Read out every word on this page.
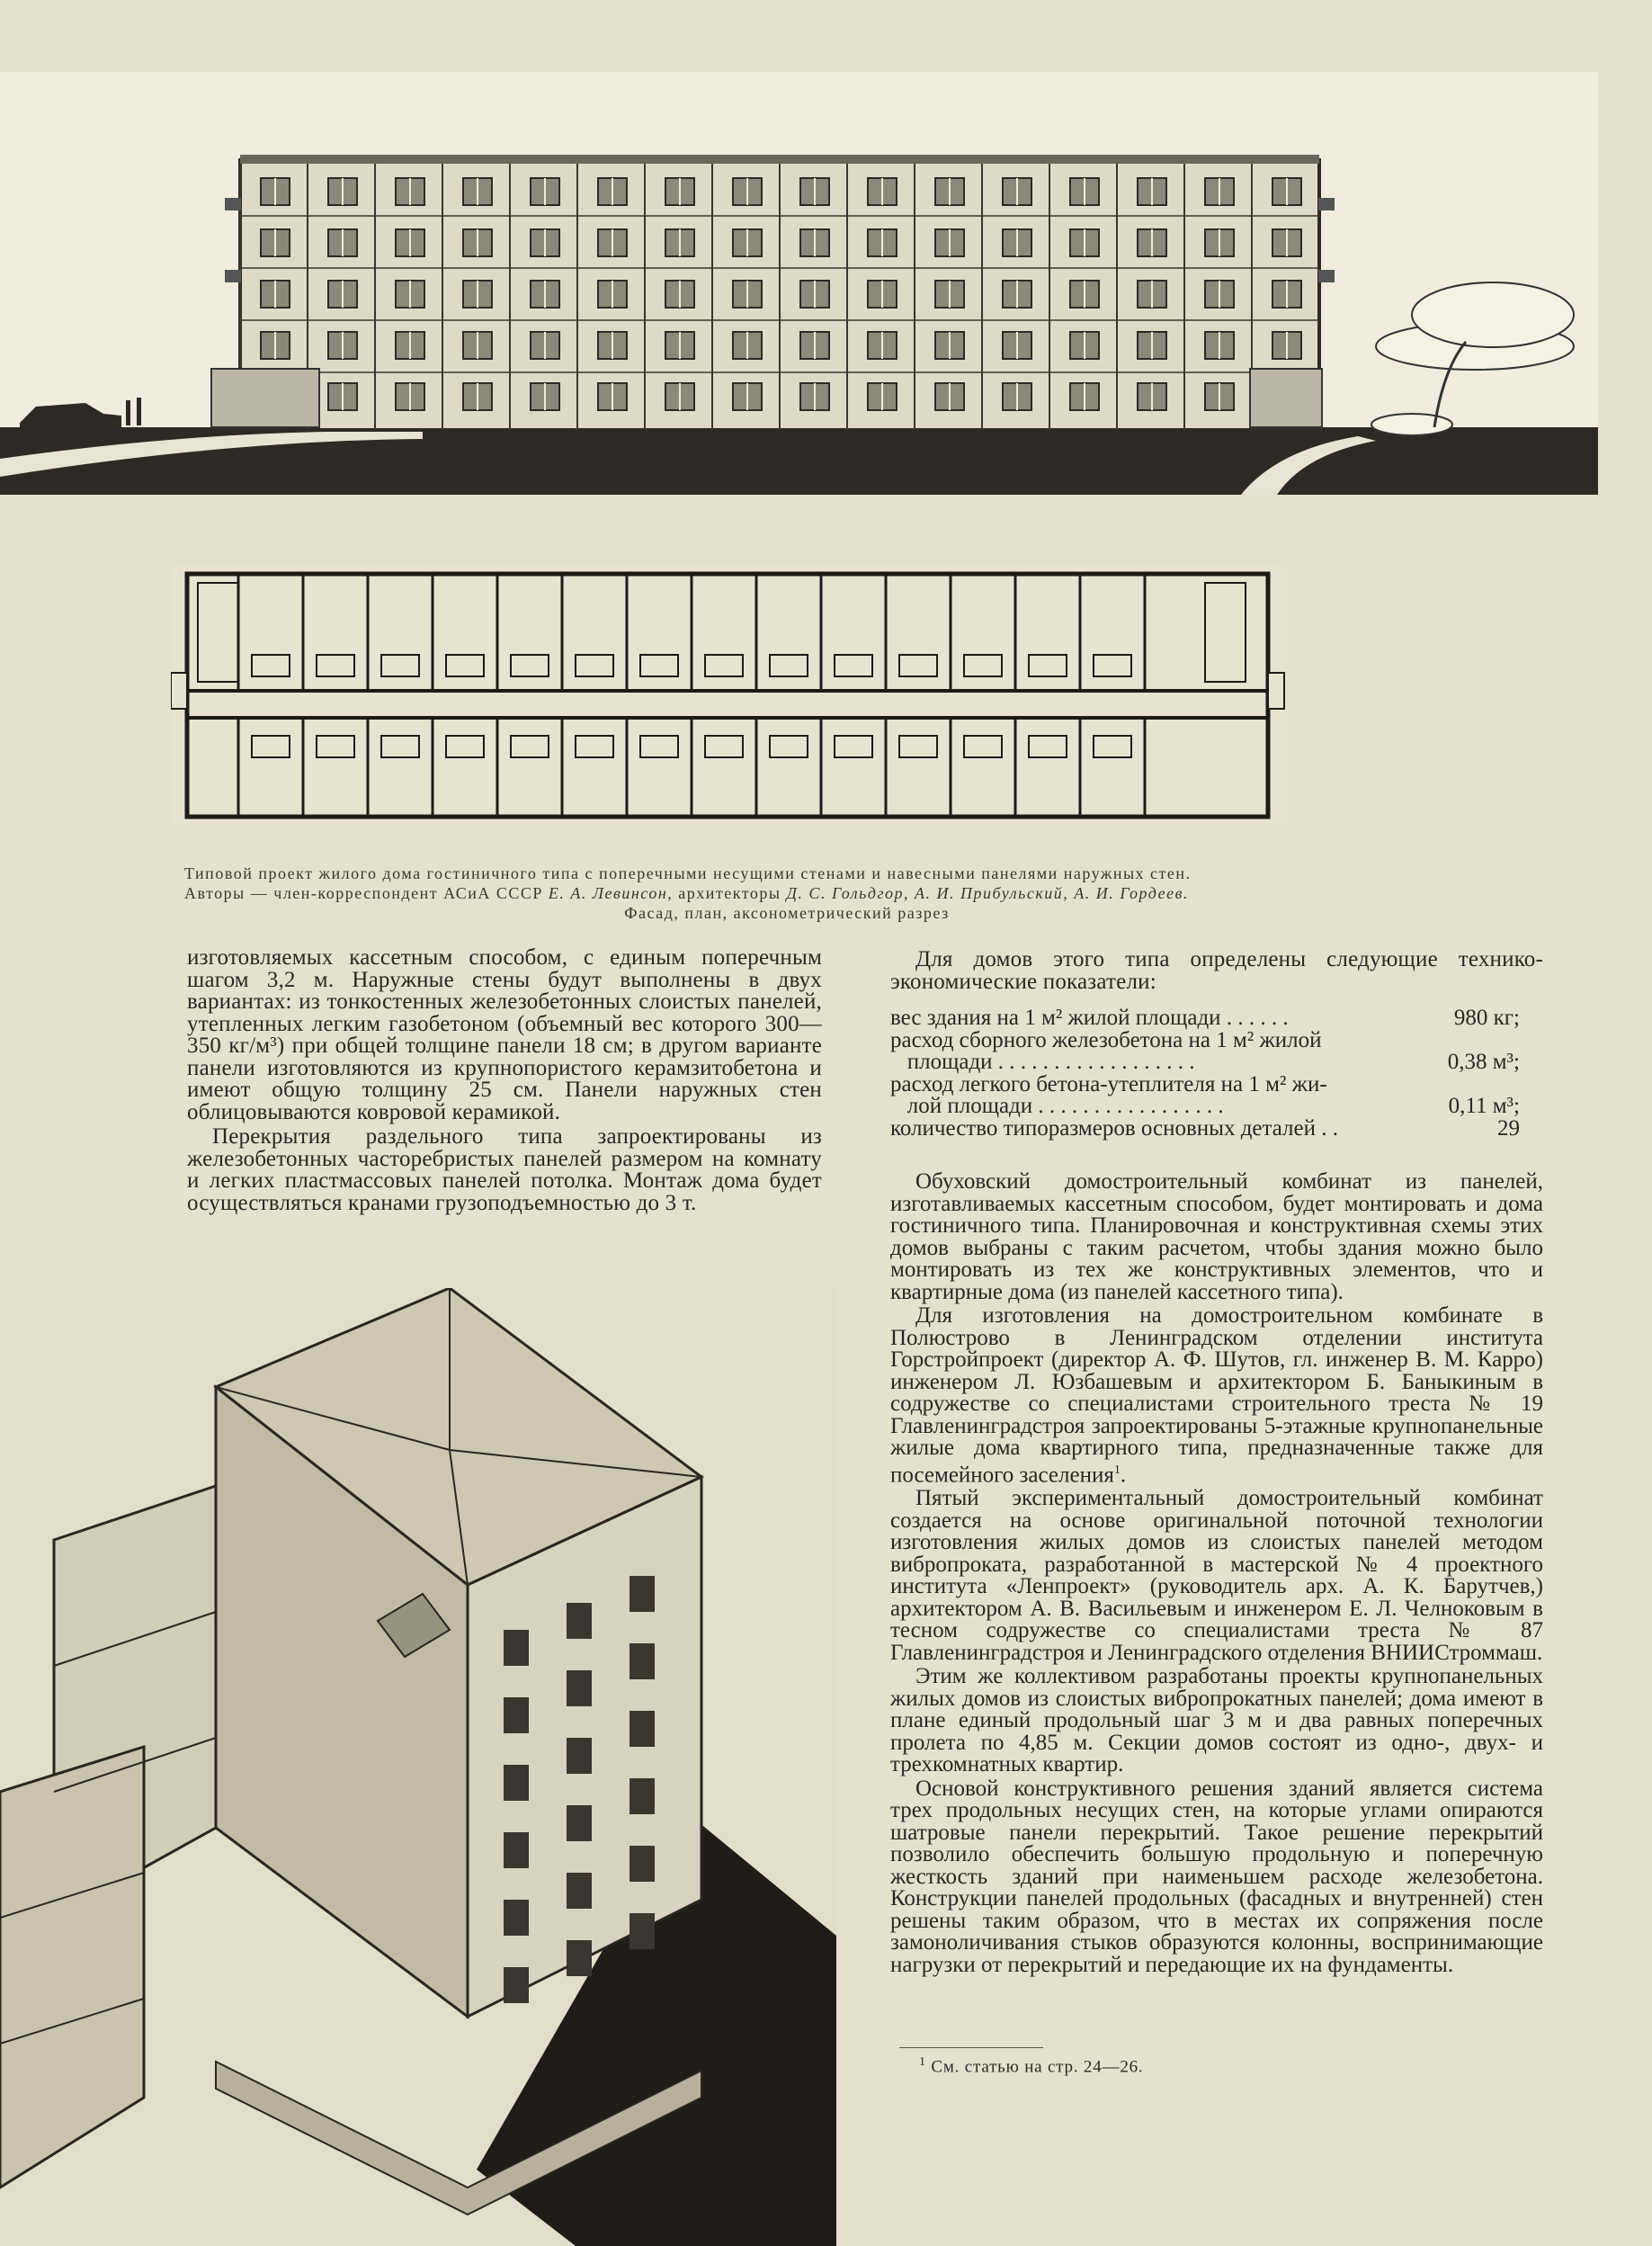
Типовой проект жилого дома гостиничного типа с поперечными несущими стенами и навесными панелями наружных стен.

Авторы — член-корреспондент АСиА СССР Е. А. Левинсон, архитекторы Д. С. Гольдгор, А. И. Прибульский, А. И. Гордеев.

Фасад, план, аксонометрический разрез

изготовляемых кассетным способом, с единым поперечным шагом 3,2 м. Наружные стены будут выполнены в двух вариантах: из тонкостенных железобетонных слоистых панелей, утепленных легким газобетоном (объемный вес которого 300—350 кг/м³) при общей толщине панели 18 см; в другом варианте панели изготовляются из крупнопористого керамзитобетона и имеют общую толщину 25 см. Панели наружных стен облицовываются ковровой керамикой.

Перекрытия раздельного типа запроектированы из железобетонных часторебристых панелей размером на комнату и легких пластмассовых панелей потолка. Монтаж дома будет осуществляться кранами грузоподъемностью до 3 т.

Для домов этого типа определены следующие технико-экономические показатели:

вес здания на 1 м² жилой площади . . . . . .	980 кг;
расход сборного железобетона на 1 м² жилой
площади . . . . . . . . . . . . . . . . . .	0,38 м³;
расход легкого бетона-утеплителя на 1 м² жи-
лой площади . . . . . . . . . . . . . . . . .	0,11 м³;
количество типоразмеров основных деталей . .	29

Обуховский домостроительный комбинат из панелей, изготавливаемых кассетным способом, будет монтировать и дома гостиничного типа. Планировочная и конструктивная схемы этих домов выбраны с таким расчетом, чтобы здания можно было монтировать из тех же конструктивных элементов, что и квартирные дома (из панелей кассетного типа).

Для изготовления на домостроительном комбинате в Полюстрово в Ленинградском отделении института Горстройпроект (директор А. Ф. Шутов, гл. инженер В. М. Карро) инженером Л. Юзбашевым и архитектором Б. Баныкиным в содружестве со специалистами строительного треста № 19 Главленинградстроя запроектированы 5-этажные крупнопанельные жилые дома квартирного типа, предназначенные также для посемейного заселения$^1$.

Пятый экспериментальный домостроительный комбинат создается на основе оригинальной поточной технологии изготовления жилых домов из слоистых панелей методом вибропроката, разработанной в мастерской № 4 проектного института «Ленпроект» (руководитель арх. А. К. Барутчев,) архитектором А. В. Васильевым и инженером Е. Л. Челноковым в тесном содружестве со специалистами треста № 87 Главленинградстроя и Ленинградского отделения ВНИИСтроммаш.

Этим же коллективом разработаны проекты крупнопанельных жилых домов из слоистых вибропрокатных панелей; дома имеют в плане единый продольный шаг 3 м и два равных поперечных пролета по 4,85 м. Секции домов состоят из одно-, двух- и трехкомнатных квартир.

Основой конструктивного решения зданий является система трех продольных несущих стен, на которые углами опираются шатровые панели перекрытий. Такое решение перекрытий позволило обеспечить большую продольную и поперечную жесткость зданий при наименьшем расходе железобетона. Конструкции панелей продольных (фасадных и внутренней) стен решены таким образом, что в местах их сопряжения после замоноличивания стыков образуются колонны, воспринимающие нагрузки от перекрытий и передающие их на фундаменты.

$^1$ См. статью на стр. 24—26.
